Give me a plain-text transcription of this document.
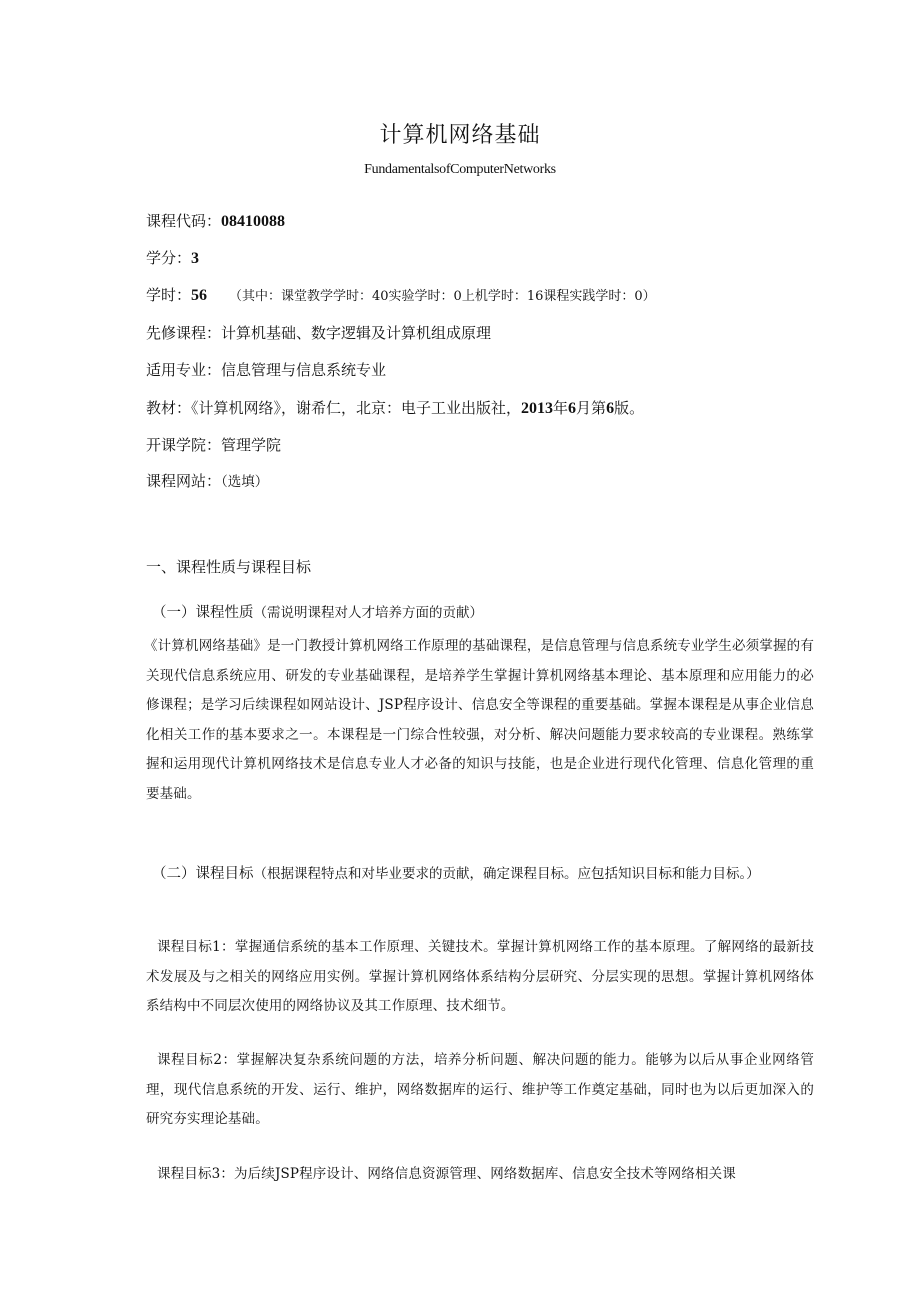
计算机网络基础
FundamentalsofComputerNetworks
课程代码：08410088
学分：3
学时：56 （其中：课堂教学学时：40实验学时：0上机学时：16课程实践学时：0）
先修课程：计算机基础、数字逻辑及计算机组成原理
适用专业：信息管理与信息系统专业
教材：《计算机网络》，谢希仁，北京：电子工业出版社，2013年6月第6版。
开课学院：管理学院
课程网站：（选填）
一、课程性质与课程目标
（一）课程性质（需说明课程对人才培养方面的贡献）
《计算机网络基础》是一门教授计算机网络工作原理的基础课程，是信息管理与信息系统专业学生必须掌握的有关现代信息系统应用、研发的专业基础课程，是培养学生掌握计算机网络基本理论、基本原理和应用能力的必修课程；是学习后续课程如网站设计、JSP程序设计、信息安全等课程的重要基础。掌握本课程是从事企业信息化相关工作的基本要求之一。本课程是一门综合性较强，对分析、解决问题能力要求较高的专业课程。熟练掌握和运用现代计算机网络技术是信息专业人才必备的知识与技能，也是企业进行现代化管理、信息化管理的重要基础。
（二）课程目标（根据课程特点和对毕业要求的贡献，确定课程目标。应包括知识目标和能力目标。）
课程目标1：掌握通信系统的基本工作原理、关键技术。掌握计算机网络工作的基本原理。了解网络的最新技术发展及与之相关的网络应用实例。掌握计算机网络体系结构分层研究、分层实现的思想。掌握计算机网络体系结构中不同层次使用的网络协议及其工作原理、技术细节。
课程目标2：掌握解决复杂系统问题的方法，培养分析问题、解决问题的能力。能够为以后从事企业网络管理，现代信息系统的开发、运行、维护，网络数据库的运行、维护等工作奠定基础，同时也为以后更加深入的研究夯实理论基础。
课程目标3：为后续JSP程序设计、网络信息资源管理、网络数据库、信息安全技术等网络相关课
